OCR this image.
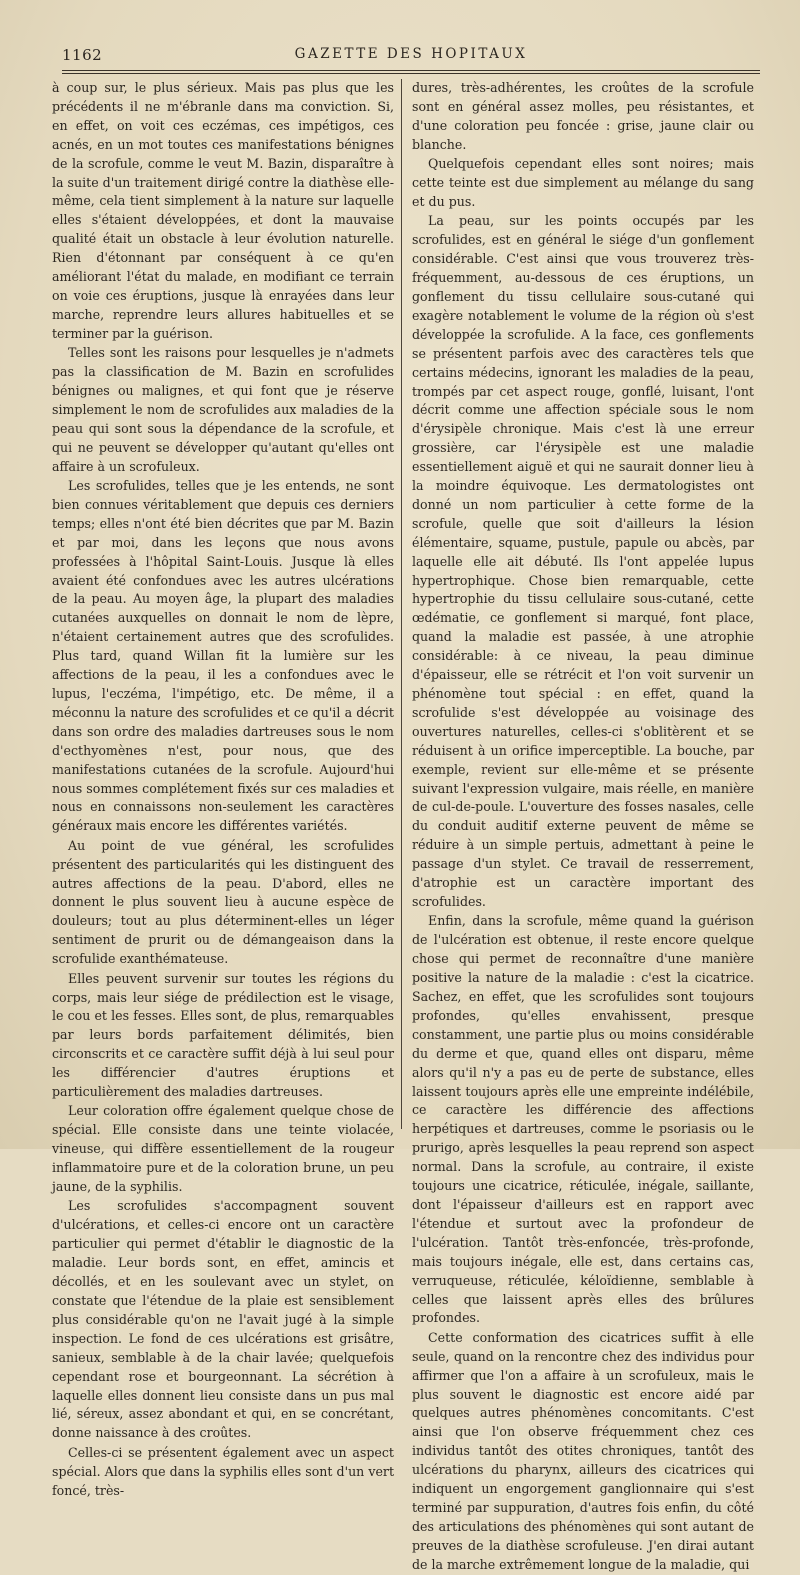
1162	GAZETTE DES HOPITAUX

à coup sur, le plus sérieux. Mais pas plus que les précédents il ne m'ébranle dans ma conviction. Si, en effet, on voit ces eczémas, ces impétigos, ces acnés, en un mot toutes ces manifestations bénignes de la scrofule, comme le veut M. Bazin, disparaître à la suite d'un traitement dirigé contre la diathèse elle-même, cela tient simplement à la nature sur laquelle elles s'étaient développées, et dont la mauvaise qualité était un obstacle à leur évolution naturelle. Rien d'étonnant par conséquent à ce qu'en améliorant l'état du malade, en modifiant ce terrain on voie ces éruptions, jusque là enrayées dans leur marche, reprendre leurs allures habituelles et se terminer par la guérison.

Telles sont les raisons pour lesquelles je n'admets pas la classification de M. Bazin en scrofulides bénignes ou malignes, et qui font que je réserve simplement le nom de scrofulides aux maladies de la peau qui sont sous la dépendance de la scrofule, et qui ne peuvent se développer qu'autant qu'elles ont affaire à un scrofuleux.

Les scrofulides, telles que je les entends, ne sont bien connues véritablement que depuis ces derniers temps; elles n'ont été bien décrites que par M. Bazin et par moi, dans les leçons que nous avons professées à l'hôpital Saint-Louis. Jusque là elles avaient été confondues avec les autres ulcérations de la peau. Au moyen âge, la plupart des maladies cutanées auxquelles on donnait le nom de lèpre, n'étaient certainement autres que des scrofulides. Plus tard, quand Willan fit la lumière sur les affections de la peau, il les a confondues avec le lupus, l'eczéma, l'impétigo, etc. De même, il a méconnu la nature des scrofulides et ce qu'il a décrit dans son ordre des maladies dartreuses sous le nom d'ecthyomènes n'est, pour nous, que des manifestations cutanées de la scrofule. Aujourd'hui nous sommes complétement fixés sur ces maladies et nous en connaissons non-seulement les caractères généraux mais encore les différentes variétés.

Au point de vue général, les scrofulides présentent des particularités qui les distinguent des autres affections de la peau. D'abord, elles ne donnent le plus souvent lieu à aucune espèce de douleurs; tout au plus déterminent-elles un léger sentiment de prurit ou de démangeaison dans la scrofulide exanthémateuse.

Elles peuvent survenir sur toutes les régions du corps, mais leur siége de prédilection est le visage, le cou et les fesses. Elles sont, de plus, remarquables par leurs bords parfaitement délimités, bien circonscrits et ce caractère suffit déjà à lui seul pour les différencier d'autres éruptions et particulièrement des maladies dartreuses.

Leur coloration offre également quelque chose de spécial. Elle consiste dans une teinte violacée, vineuse, qui diffère essentiellement de la rougeur inflammatoire pure et de la coloration brune, un peu jaune, de la syphilis.

Les scrofulides s'accompagnent souvent d'ulcérations, et celles-ci encore ont un caractère particulier qui permet d'établir le diagnostic de la maladie. Leur bords sont, en effet, amincis et décollés, et en les soulevant avec un stylet, on constate que l'étendue de la plaie est sensiblement plus considérable qu'on ne l'avait jugé à la simple inspection. Le fond de ces ulcérations est grisâtre, sanieux, semblable à de la chair lavée; quelquefois cependant rose et bourgeonnant. La sécrétion à laquelle elles donnent lieu consiste dans un pus mal lié, séreux, assez abondant et qui, en se concrétant, donne naissance à des croûtes.

Celles-ci se présentent également avec un aspect spécial. Alors que dans la syphilis elles sont d'un vert foncé, très-

dures, très-adhérentes, les croûtes de la scrofule sont en général assez molles, peu résistantes, et d'une coloration peu foncée : grise, jaune clair ou blanche.

Quelquefois cependant elles sont noires; mais cette teinte est due simplement au mélange du sang et du pus.

La peau, sur les points occupés par les scrofulides, est en général le siége d'un gonflement considérable. C'est ainsi que vous trouverez très-fréquemment, au-dessous de ces éruptions, un gonflement du tissu cellulaire sous-cutané qui exagère notablement le volume de la région où s'est développée la scrofulide. A la face, ces gonflements se présentent parfois avec des caractères tels que certains médecins, ignorant les maladies de la peau, trompés par cet aspect rouge, gonflé, luisant, l'ont décrit comme une affection spéciale sous le nom d'érysipèle chronique. Mais c'est là une erreur grossière, car l'érysipèle est une maladie essentiellement aiguë et qui ne saurait donner lieu à la moindre équivoque. Les dermatologistes ont donné un nom particulier à cette forme de la scrofule, quelle que soit d'ailleurs la lésion élémentaire, squame, pustule, papule ou abcès, par laquelle elle ait débuté. Ils l'ont appelée lupus hypertrophique. Chose bien remarquable, cette hypertrophie du tissu cellulaire sous-cutané, cette œdématie, ce gonflement si marqué, font place, quand la maladie est passée, à une atrophie considérable: à ce niveau, la peau diminue d'épaisseur, elle se rétrécit et l'on voit survenir un phénomène tout spécial : en effet, quand la scrofulide s'est développée au voisinage des ouvertures naturelles, celles-ci s'oblitèrent et se réduisent à un orifice imperceptible. La bouche, par exemple, revient sur elle-même et se présente suivant l'expression vulgaire, mais réelle, en manière de cul-de-poule. L'ouverture des fosses nasales, celle du conduit auditif externe peuvent de même se réduire à un simple pertuis, admettant à peine le passage d'un stylet. Ce travail de resserrement, d'atrophie est un caractère important des scrofulides.

Enfin, dans la scrofule, même quand la guérison de l'ulcération est obtenue, il reste encore quelque chose qui permet de reconnaître d'une manière positive la nature de la maladie : c'est la cicatrice. Sachez, en effet, que les scrofulides sont toujours profondes, qu'elles envahissent, presque constamment, une partie plus ou moins considérable du derme et que, quand elles ont disparu, même alors qu'il n'y a pas eu de perte de substance, elles laissent toujours après elle une empreinte indélébile, ce caractère les différencie des affections herpétiques et dartreuses, comme le psoriasis ou le prurigo, après lesquelles la peau reprend son aspect normal. Dans la scrofule, au contraire, il existe toujours une cicatrice, réticulée, inégale, saillante, dont l'épaisseur d'ailleurs est en rapport avec l'étendue et surtout avec la profondeur de l'ulcération. Tantôt très-enfoncée, très-profonde, mais toujours inégale, elle est, dans certains cas, verruqueuse, réticulée, kéloïdienne, semblable à celles que laissent après elles des brûlures profondes.

Cette conformation des cicatrices suffit à elle seule, quand on la rencontre chez des individus pour affirmer que l'on a affaire à un scrofuleux, mais le plus souvent le diagnostic est encore aidé par quelques autres phénomènes concomitants. C'est ainsi que l'on observe fréquemment chez ces individus tantôt des otites chroniques, tantôt des ulcérations du pharynx, ailleurs des cicatrices qui indiquent un engorgement ganglionnaire qui s'est terminé par suppuration, d'autres fois enfin, du côté des articulations des phénomènes qui sont autant de preuves de la diathèse scrofuleuse. J'en dirai autant de la marche extrêmement longue de la maladie, qui
